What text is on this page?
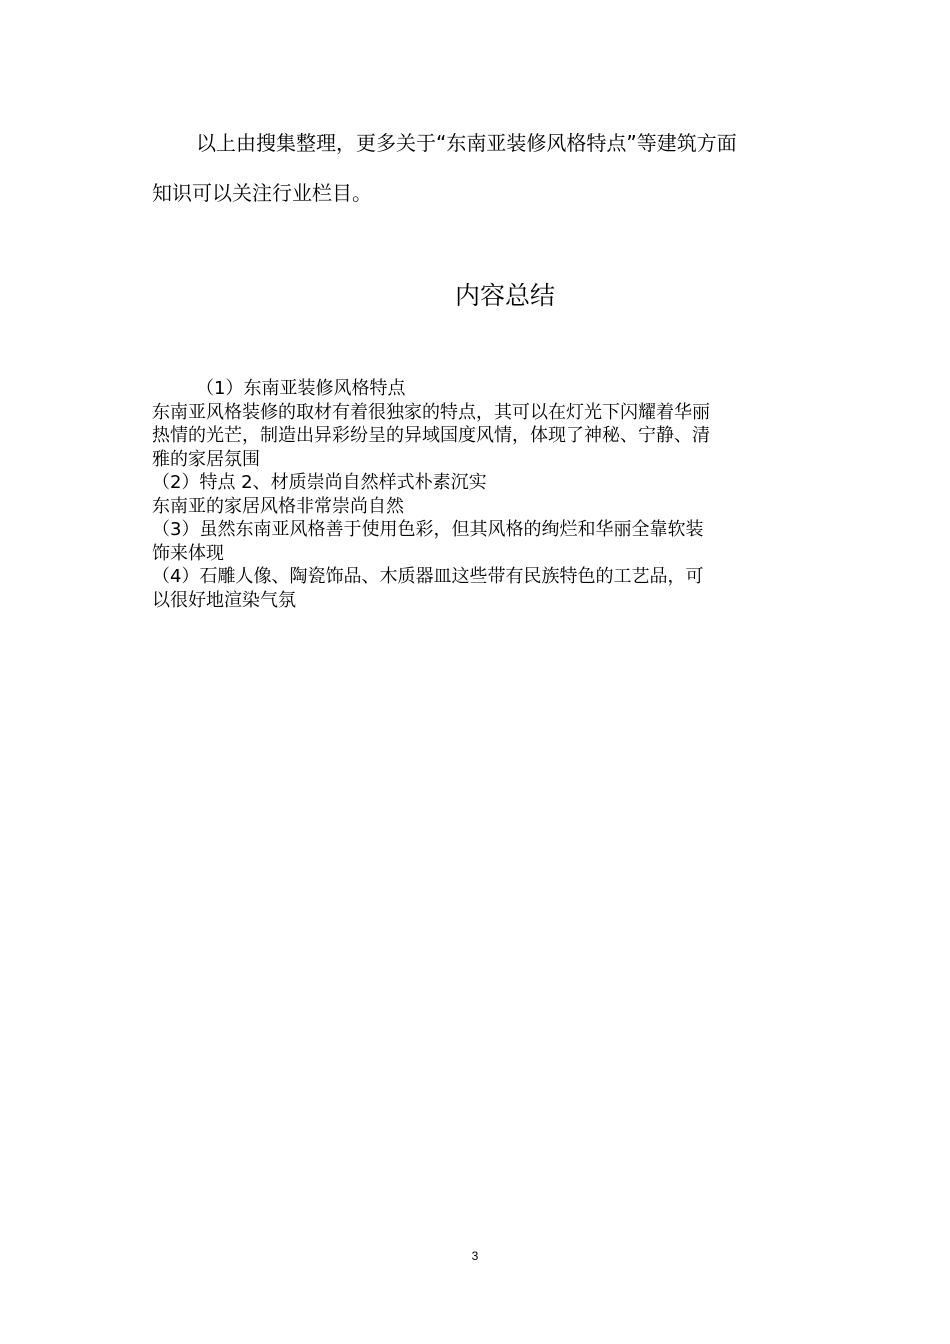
以上由搜集整理，更多关于“东南亚装修风格特点”等建筑方面
知识可以关注行业栏目。

内容总结
（1）东南亚装修风格特点
东南亚风格装修的取材有着很独家的特点，其可以在灯光下闪耀着华丽
热情的光芒，制造出异彩纷呈的异域国度风情，体现了神秘、宁静、清
雅的家居氛围
（2）特点 2、材质崇尚自然样式朴素沉实
东南亚的家居风格非常崇尚自然
（3）虽然东南亚风格善于使用色彩，但其风格的绚烂和华丽全靠软装
饰来体现
（4）石雕人像、陶瓷饰品、木质器皿这些带有民族特色的工艺品，可
以很好地渲染气氛
3
